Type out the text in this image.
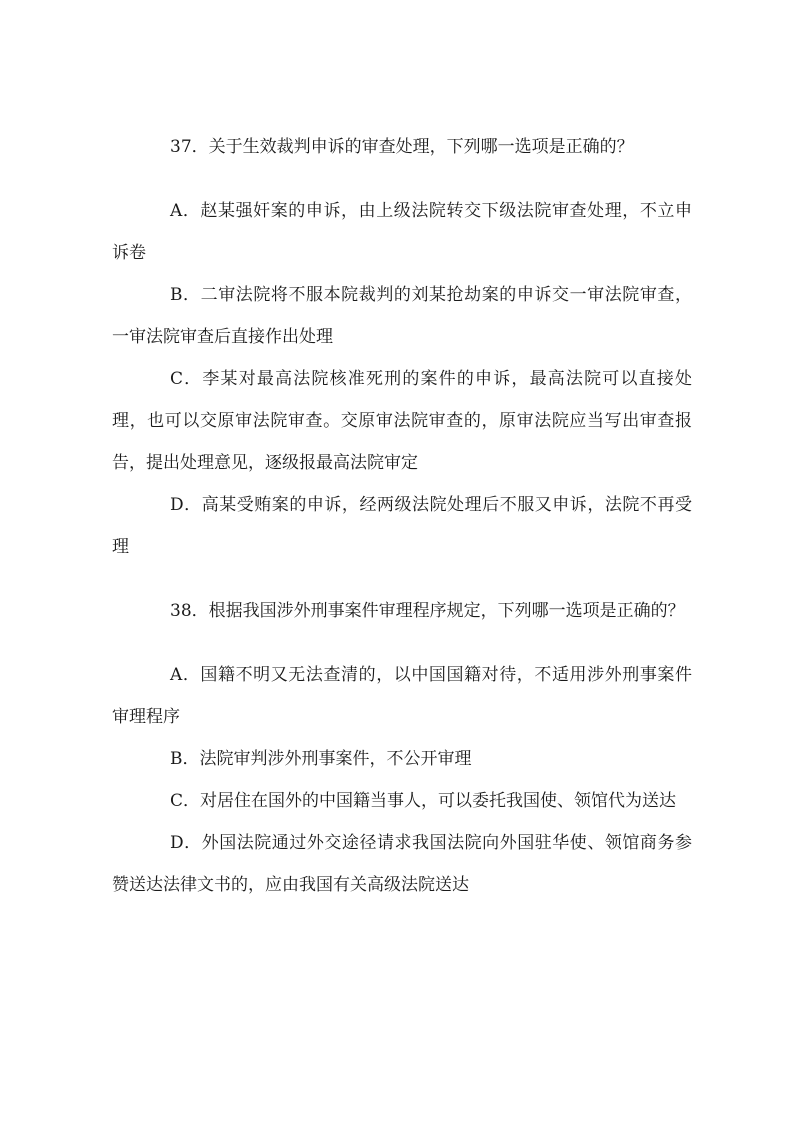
37．关于生效裁判申诉的审查处理，下列哪一选项是正确的？

A．赵某强奸案的申诉，由上级法院转交下级法院审查处理，不立申诉卷

B．二审法院将不服本院裁判的刘某抢劫案的申诉交一审法院审查，一审法院审查后直接作出处理

C．李某对最高法院核准死刑的案件的申诉，最高法院可以直接处理，也可以交原审法院审查。交原审法院审查的，原审法院应当写出审查报告，提出处理意见，逐级报最高法院审定

D．高某受贿案的申诉，经两级法院处理后不服又申诉，法院不再受理

38．根据我国涉外刑事案件审理程序规定，下列哪一选项是正确的？

A．国籍不明又无法查清的，以中国国籍对待，不适用涉外刑事案件审理程序

B．法院审判涉外刑事案件，不公开审理

C．对居住在国外的中国籍当事人，可以委托我国使、领馆代为送达

D．外国法院通过外交途径请求我国法院向外国驻华使、领馆商务参赞送达法律文书的，应由我国有关高级法院送达
